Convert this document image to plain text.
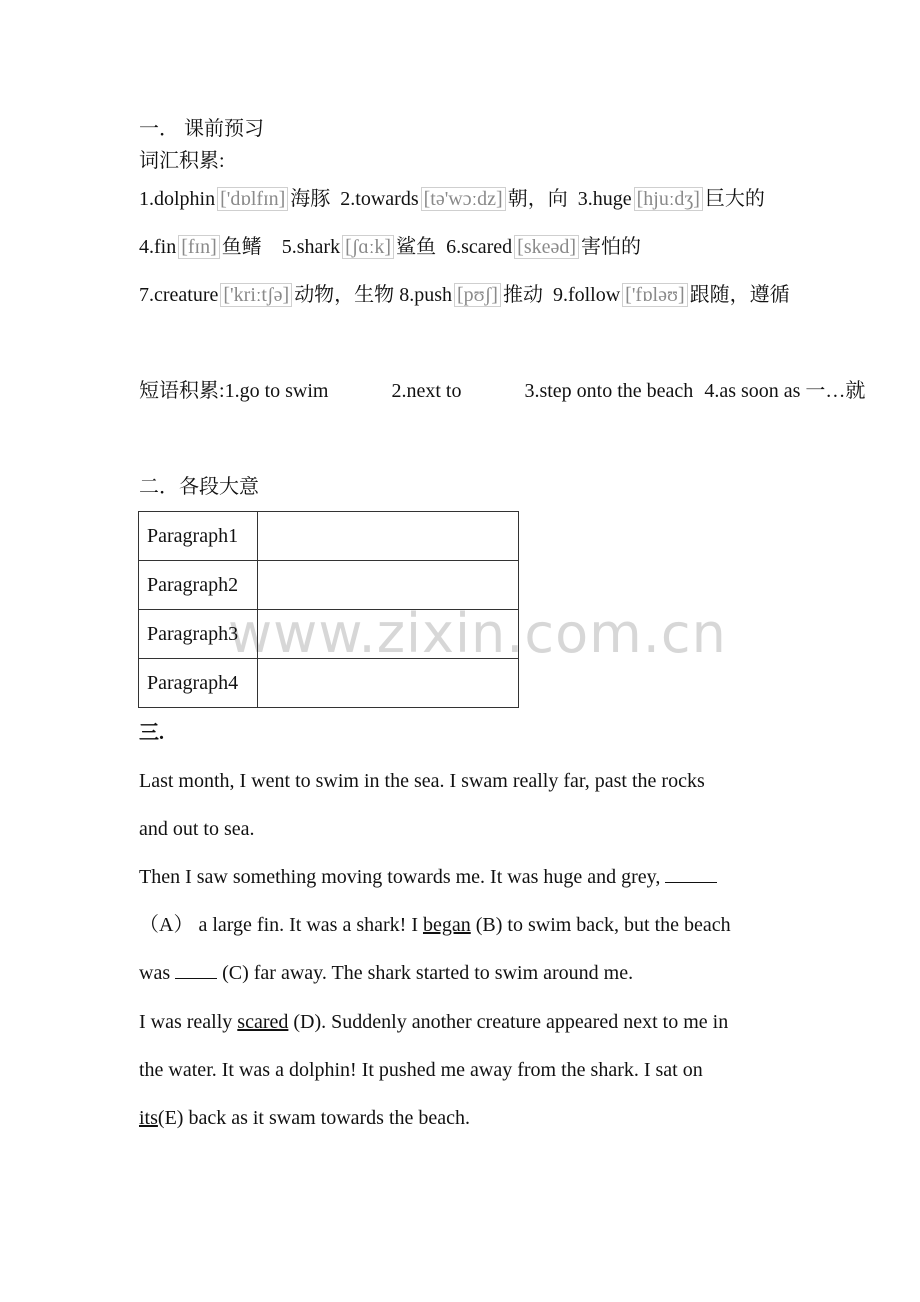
www.zixin.com.cn
一． 课前预习
词汇积累:
1.dolphin ['dɒlfɪn] 海豚 2.towards [tə'wɔːdz] 朝，向 3.huge [hjuːdʒ] 巨大的
4.fin [fɪn] 鱼鳍 5.shark [ʃɑːk] 鲨鱼 6.scared [skeəd] 害怕的
7.creature ['kriːtʃə] 动物，生物 8.push [pʊʃ] 推动 9.follow ['fɒləʊ] 跟随，遵循
短语积累:1.go to swim	2.next to	3.step onto the beach 4.as soon as 一…就
二．各段大意
Paragraph1	
Paragraph2	
Paragraph3	
Paragraph4	
三.
Last month, I went to swim in the sea. I swam really far, past the rocks
and out to sea.
Then I saw something moving towards me. It was huge and grey,
（A） a large fin. It was a shark! I began (B) to swim back, but the beach
was  (C) far away. The shark started to swim around me.
I was really scared (D). Suddenly another creature appeared next to me in
the water. It was a dolphin! It pushed me away from the shark. I sat on
its(E) back as it swam towards the beach.
